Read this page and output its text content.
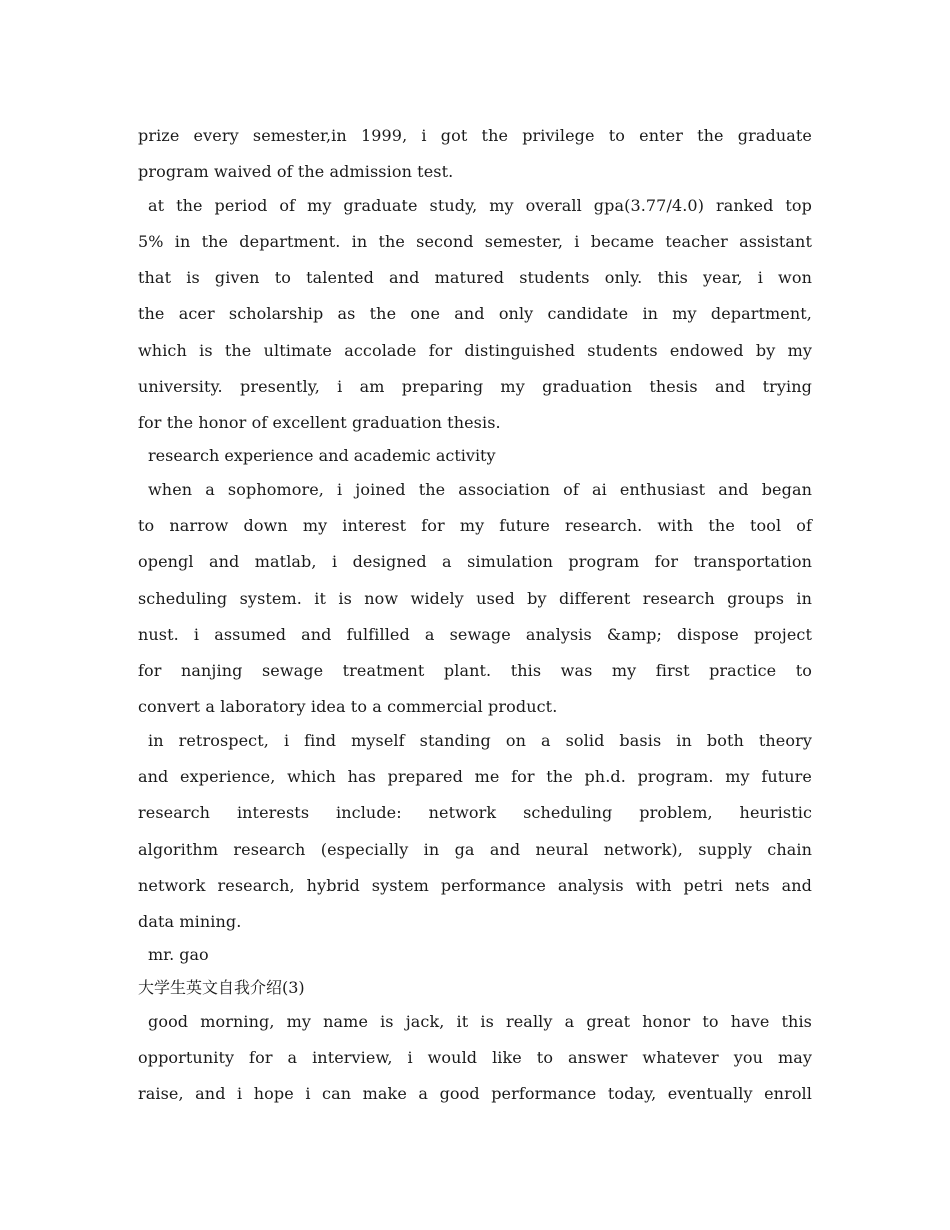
prize every semester,in 1999, i got the privilege to enter the graduate
program waived of the admission test.
at the period of my graduate study, my overall gpa(3.77/4.0) ranked top
5% in the department. in the second semester, i became teacher assistant
that is given to talented and matured students only. this year, i won
the acer scholarship as the one and only candidate in my department,
which is the ultimate accolade for distinguished students endowed by my
university. presently, i am preparing my graduation thesis and trying
for the honor of excellent graduation thesis.
research experience and academic activity
when a sophomore, i joined the association of ai enthusiast and began
to narrow down my interest for my future research. with the tool of
opengl and matlab, i designed a simulation program for transportation
scheduling system. it is now widely used by different research groups in
nust. i assumed and fulfilled a sewage analysis &amp; dispose project
for nanjing sewage treatment plant. this was my first practice to
convert a laboratory idea to a commercial product.
in retrospect, i find myself standing on a solid basis in both theory
and experience, which has prepared me for the ph.d. program. my future
research interests include: network scheduling problem, heuristic
algorithm research (especially in ga and neural network), supply chain
network research, hybrid system performance analysis with petri nets and
data mining.
mr. gao
大学生英文自我介绍(3)
good morning, my name is jack, it is really a great honor to have this
opportunity for a interview, i would like to answer whatever you may
raise, and i hope i can make a good performance today, eventually enroll
